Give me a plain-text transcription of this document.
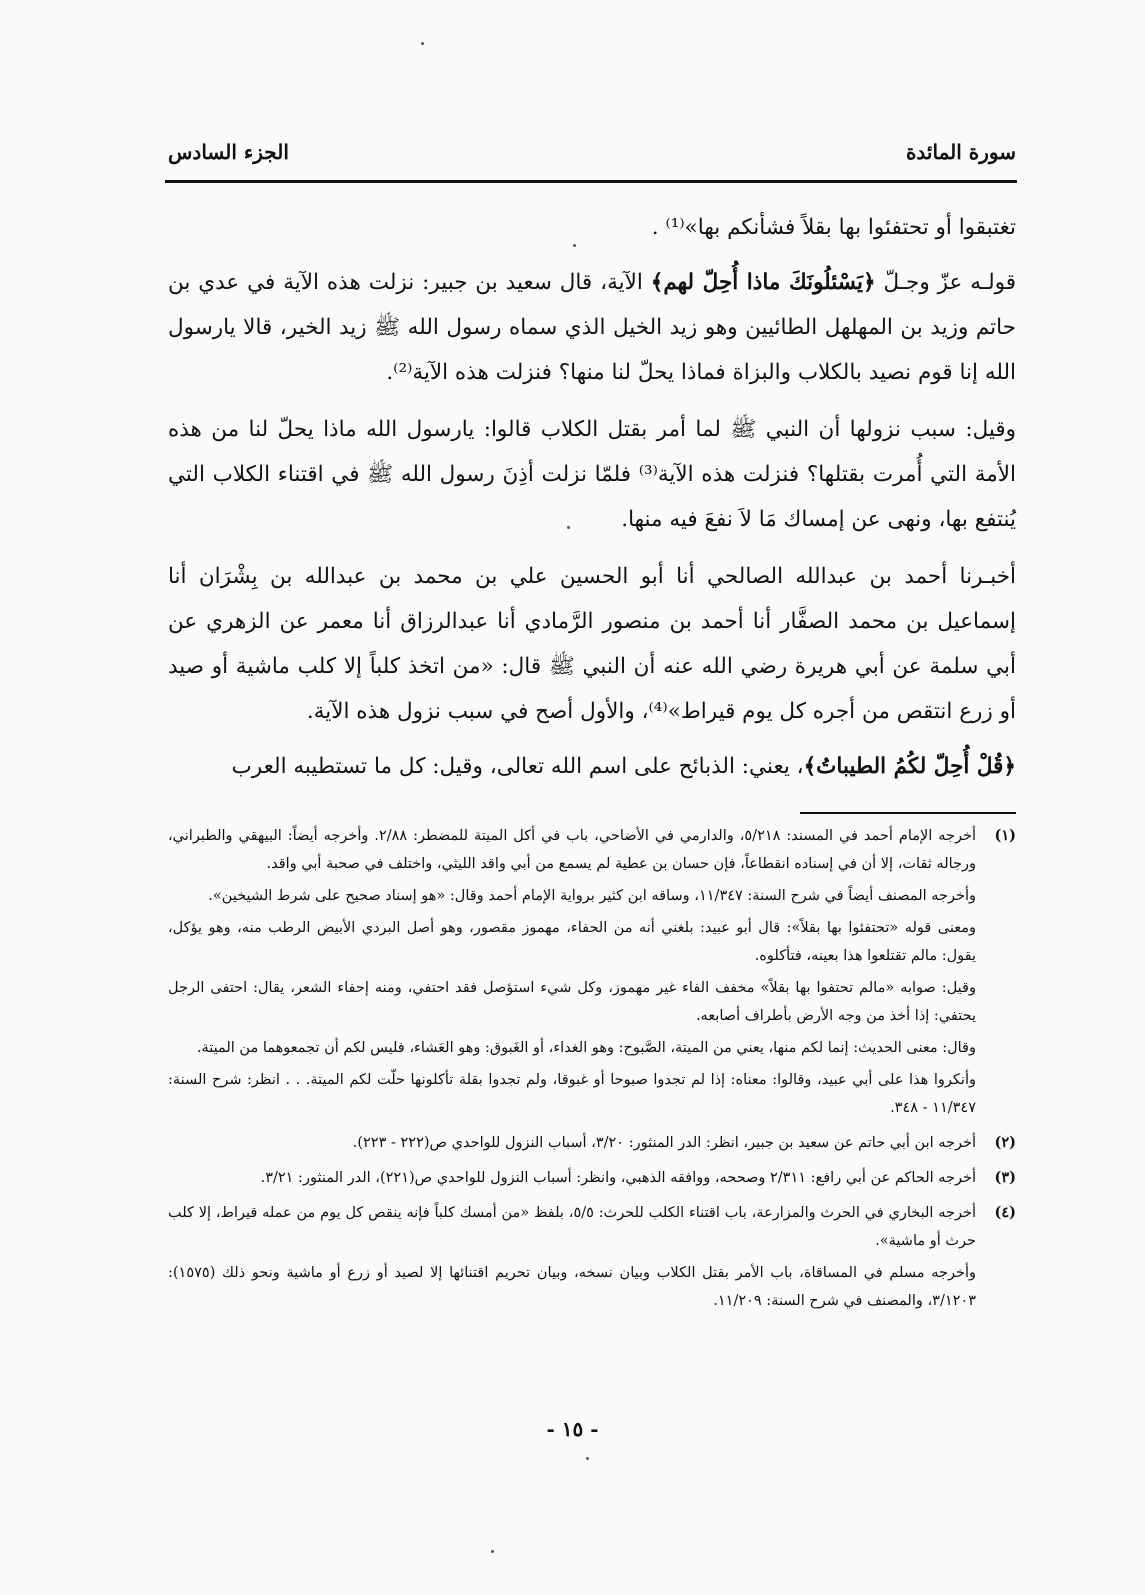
سورة المائدة
الجزء السادس

تغتبقوا أو تحتفئوا بها بقلاً فشأنكم بها»⁽¹⁾ .

قولـه عزّ وجـلّ ﴿يَسْئلُونَكَ ماذا أُحِلّ لهم﴾ الآية، قال سعيد بن جبير: نزلت هذه الآية في عدي بن حاتم وزيد بن المهلهل الطائيين وهو زيد الخيل الذي سماه رسول الله ﷺ زيد الخير، قالا يارسول الله إنا قوم نصيد بالكلاب والبزاة فماذا يحلّ لنا منها؟ فنزلت هذه الآية⁽²⁾.

وقيل: سبب نزولها أن النبي ﷺ لما أمر بقتل الكلاب قالوا: يارسول الله ماذا يحلّ لنا من هذه الأمة التي أُمرت بقتلها؟ فنزلت هذه الآية⁽³⁾ فلمّا نزلت أذِنَ رسول الله ﷺ في اقتناء الكلاب التي يُنتفع بها، ونهى عن إمساك مَا لاَ نفعَ فيه منها.

أخبـرنا أحمد بن عبدالله الصالحي أنا أبو الحسين علي بن محمد بن عبدالله بن بِشْرَان أنا إسماعيل بن محمد الصفَّار أنا أحمد بن منصور الرَّمادي أنا عبدالرزاق أنا معمر عن الزهري عن أبي سلمة عن أبي هريرة رضي الله عنه أن النبي ﷺ قال: «من اتخذ كلباً إلا كلب ماشية أو صيد أو زرع انتقص من أجره كل يوم قيراط»⁽⁴⁾، والأول أصح في سبب نزول هذه الآية.

﴿قُلْ أُحِلّ لكُمُ الطيباتُ﴾، يعني: الذبائح على اسم الله تعالى، وقيل: كل ما تستطيبه العرب

(١)

أخرجه الإمام أحمد في المسند: ٥/٢١٨، والدارمي في الأضاحي، باب في أكل الميتة للمضطر: ٢/٨٨. وأخرجه أيضاً: البيهقي والطبراني، ورجاله ثقات، إلا أن في إسناده انقطاعاً، فإن حسان بن عطية لم يسمع من أبي واقد الليثي، واختلف في صحبة أبي واقد.

وأخرجه المصنف أيضاً في شرح السنة: ١١/٣٤٧، وساقه ابن كثير برواية الإمام أحمد وقال: «هو إسناد صحيح على شرط الشيخين».

ومعنى قوله «تحتفئوا بها بقلاً»: قال أبو عبيد: بلغني أنه من الحفاء، مهموز مقصور، وهو أصل البردي الأبيض الرطب منه، وهو يؤكل، يقول: مالم تقتلعوا هذا بعينه، فتأكلوه.

وقيل: صوابه «مالم تحتفوا بها بقلاً» مخفف الفاء غير مهموز، وكل شيء استؤصل فقد احتفي، ومنه إحفاء الشعر، يقال: احتفى الرجل يحتفي: إذا أخذ من وجه الأرض بأطراف أصابعه.

وقال: معنى الحديث: إنما لكم منها، يعني من الميتة، الصَّبوح: وهو الغداء، أو الغَبوق: وهو العَشاء، فليس لكم أن تجمعوهما من الميتة.

وأنكروا هذا على أبي عبيد، وقالوا: معناه: إذا لم تجدوا صبوحا أو غبوقا، ولم تجدوا بقلة تأكلونها حلّت لكم الميتة. . . انظر: شرح السنة: ١١/٣٤٧ - ٣٤٨.

(٢)

أخرجه ابن أبي حاتم عن سعيد بن جبير، انظر: الدر المنثور: ٣/٢٠، أسباب النزول للواحدي ص(٢٢٢ - ٢٢٣).

(٣)

أخرجه الحاكم عن أبي رافع: ٢/٣١١ وصححه، ووافقه الذهبي، وانظر: أسباب النزول للواحدي ص(٢٢١)، الدر المنثور: ٣/٢١.

(٤)

أخرجه البخاري في الحرث والمزارعة، باب اقتناء الكلب للحرث: ٥/٥، بلفظ «من أمسك كلباً فإنه ينقص كل يوم من عمله قيراط، إلا كلب حرث أو ماشية».

وأخرجه مسلم في المساقاة، باب الأمر بقتل الكلاب وبيان نسخه، وبيان تحريم اقتنائها إلا لصيد أو زرع أو ماشية ونحو ذلك (١٥٧٥): ٣/١٢٠٣، والمصنف في شرح السنة: ١١/٢٠٩.

- ١٥ -
